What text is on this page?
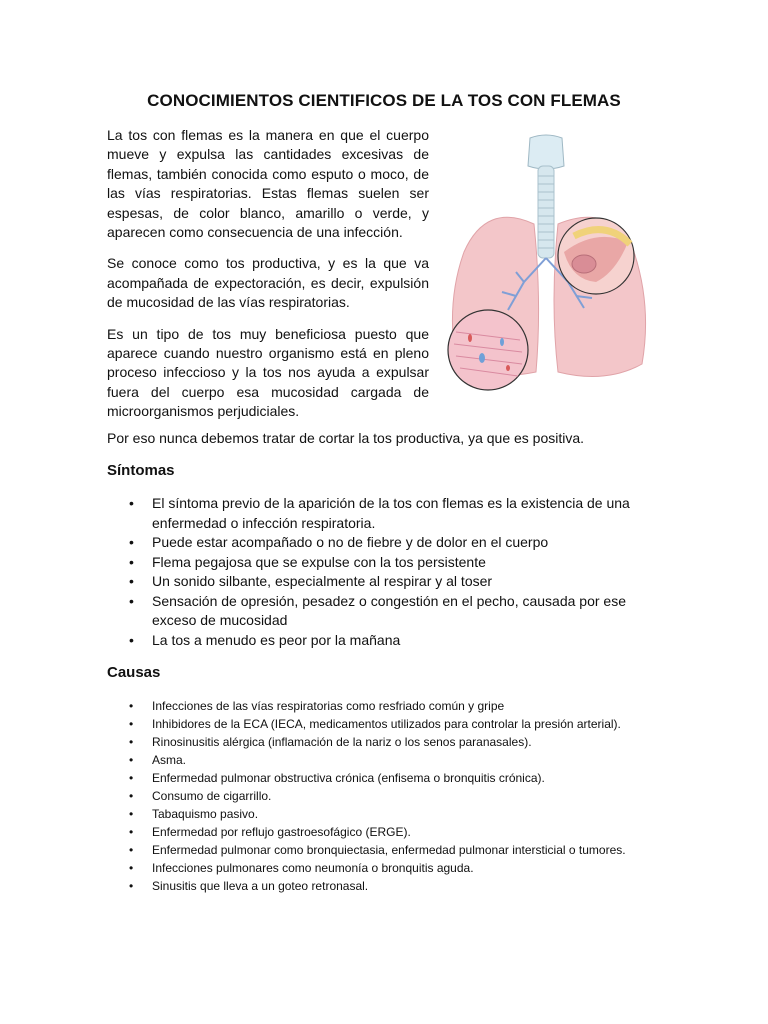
CONOCIMIENTOS CIENTIFICOS DE LA TOS CON FLEMAS

La tos con flemas es la manera en que el cuerpo mueve y expulsa las cantidades excesivas de flemas, también conocida como esputo o moco, de las vías respiratorias. Estas flemas suelen ser espesas, de color blanco, amarillo o verde, y aparecen como consecuencia de una infección.

Se conoce como tos productiva, y es la que va acompañada de expectoración, es decir, expulsión de mucosidad de las vías respiratorias.

Es un tipo de tos muy beneficiosa puesto que aparece cuando nuestro organismo está en pleno proceso infeccioso y la tos nos ayuda a expulsar fuera del cuerpo esa mucosidad cargada de microorganismos perjudiciales.

Por eso nunca debemos tratar de cortar la tos productiva, ya que es positiva.

Síntomas
• El síntoma previo de la aparición de la tos con flemas es la existencia de una enfermedad o infección respiratoria.
• Puede estar acompañado o no de fiebre y de dolor en el cuerpo
• Flema pegajosa que se expulse con la tos persistente
• Un sonido silbante, especialmente al respirar y al toser
• Sensación de opresión, pesadez o congestión en el pecho, causada por ese exceso de mucosidad
• La tos a menudo es peor por la mañana
Causas
• Infecciones de las vías respiratorias como resfriado común y gripe
• Inhibidores de la ECA (IECA, medicamentos utilizados para controlar la presión arterial).
• Rinosinusitis alérgica (inflamación de la nariz o los senos paranasales).
• Asma.
• Enfermedad pulmonar obstructiva crónica (enfisema o bronquitis crónica).
• Consumo de cigarrillo.
• Tabaquismo pasivo.
• Enfermedad por reflujo gastroesofágico (ERGE).
• Enfermedad pulmonar como bronquiectasia, enfermedad pulmonar intersticial o tumores.
• Infecciones pulmonares como neumonía o bronquitis aguda.
• Sinusitis que lleva a un goteo retronasal.
